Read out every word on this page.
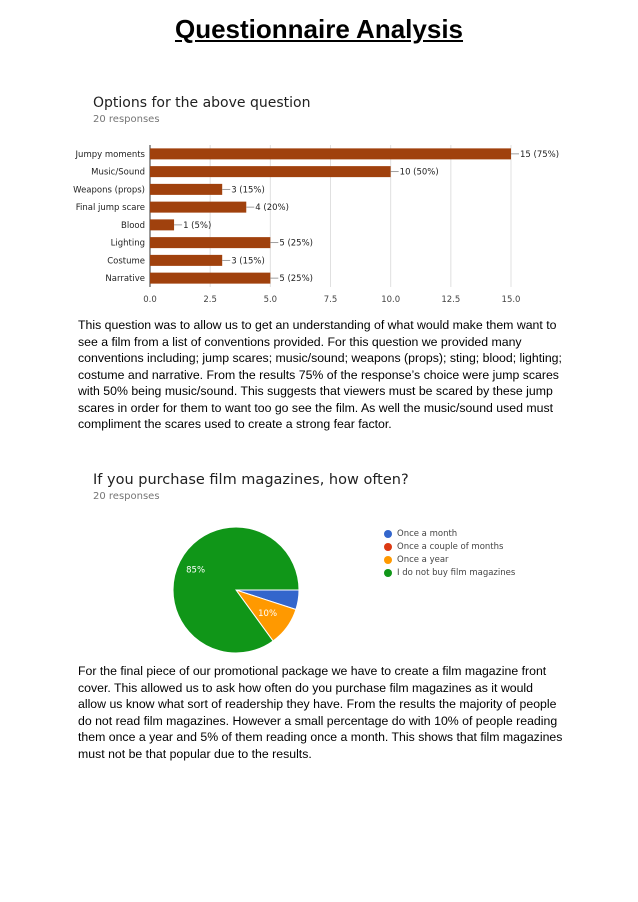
Questionnaire Analysis
Options for the above question
20 responses
0.0	2.5	5.0	7.5	10.0	12.5	15.0
Jumpy moments	15 (75%)
Music/Sound	10 (50%)
Weapons (props)	3 (15%)
Final jump scare	4 (20%)
Blood	1 (5%)
Lighting	5 (25%)
Costume	3 (15%)
Narrative	5 (25%)
This question was to allow us to get an understanding of what would make them want to see a film from a list of conventions provided. For this question we provided many conventions including; jump scares; music/sound; weapons (props); sting; blood; lighting; costume and narrative. From the results 75% of the response’s choice were jump scares with 50% being music/sound. This suggests that viewers must be scared by these jump scares in order for them to want too go see the film. As well the music/sound used must compliment the scares used to create a strong fear factor.
If you purchase film magazines, how often?
20 responses
10%
85%
Once a month
Once a couple of months
Once a year
I do not buy film magazines
For the final piece of our promotional package we have to create a film magazine front cover. This allowed us to ask how often do you purchase film magazines as it would allow us know what sort of readership they have. From the results the majority of people do not read film magazines. However a small percentage do with 10% of people reading them once a year and 5% of them reading once a month. This shows that film magazines must not be that popular due to the results.
